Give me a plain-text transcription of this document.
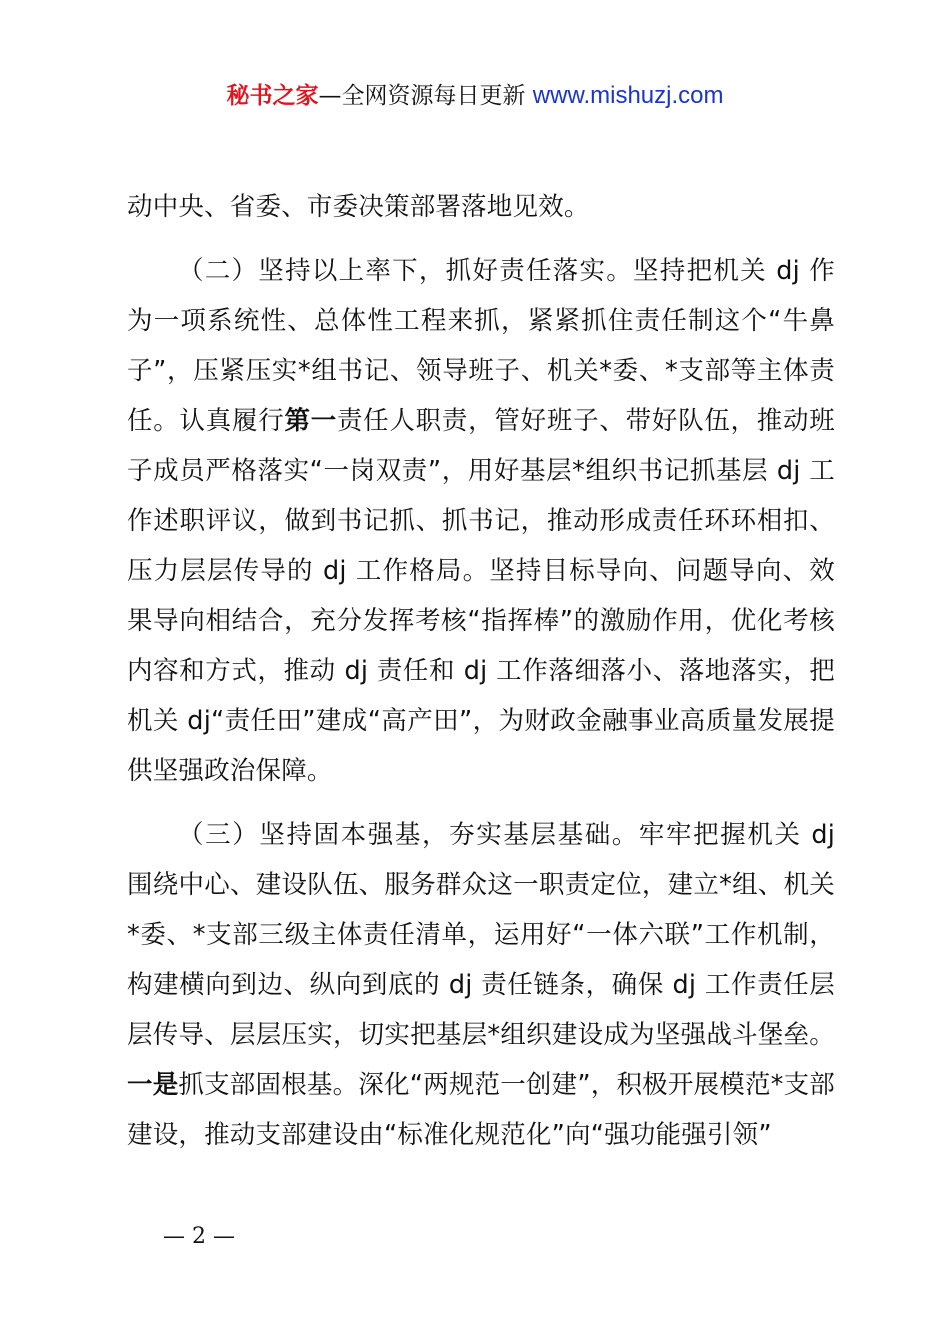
秘书之家—全网资源每日更新 www.mishuzj.com

动中央、省委、市委决策部署落地见效。

（二）坚持以上率下，抓好责任落实。坚持把机关 dj 作为一项系统性、总体性工程来抓，紧紧抓住责任制这个“牛鼻子”，压紧压实*组书记、领导班子、机关*委、*支部等主体责任。认真履行第一责任人职责，管好班子、带好队伍，推动班子成员严格落实“一岗双责”，用好基层*组织书记抓基层 dj 工作述职评议，做到书记抓、抓书记，推动形成责任环环相扣、压力层层传导的 dj 工作格局。坚持目标导向、问题导向、效果导向相结合，充分发挥考核“指挥棒”的激励作用，优化考核内容和方式，推动 dj 责任和 dj 工作落细落小、落地落实，把机关 dj“责任田”建成“高产田”，为财政金融事业高质量发展提供坚强政治保障。

（三）坚持固本强基，夯实基层基础。牢牢把握机关 dj 围绕中心、建设队伍、服务群众这一职责定位，建立*组、机关*委、*支部三级主体责任清单，运用好“一体六联”工作机制，构建横向到边、纵向到底的 dj 责任链条，确保 dj 工作责任层层传导、层层压实，切实把基层*组织建设成为坚强战斗堡垒。一是抓支部固根基。深化“两规范一创建”，积极开展模范*支部建设，推动支部建设由“标准化规范化”向“强功能强引领”

— 2 —
